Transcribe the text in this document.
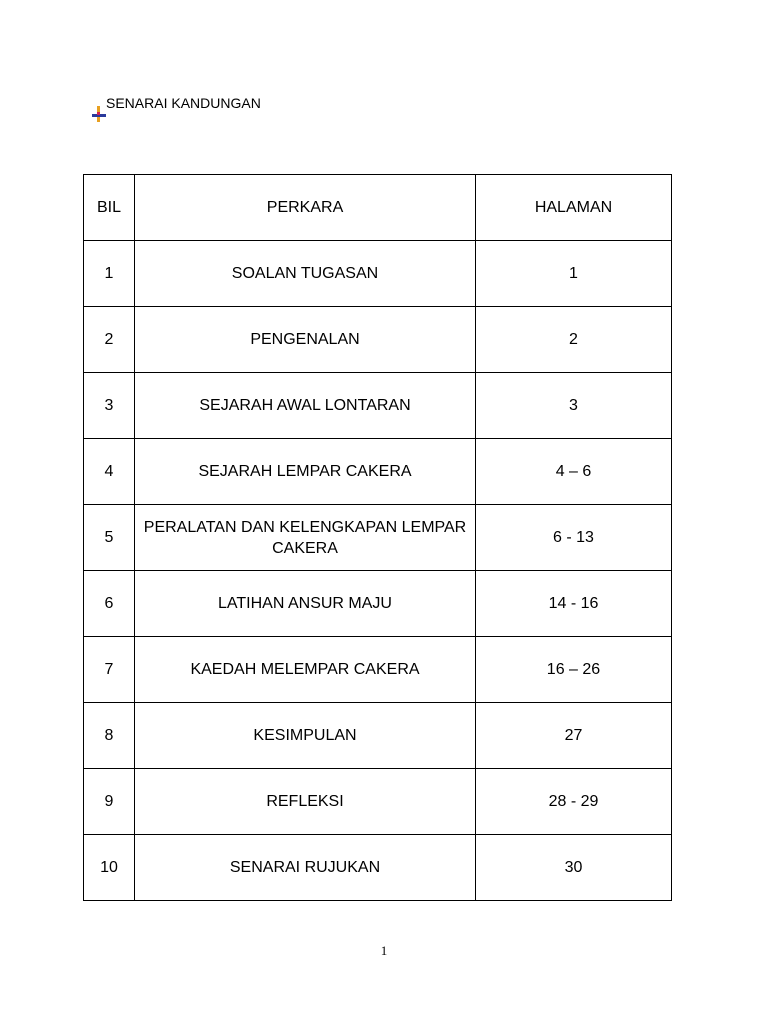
SENARAI KANDUNGAN
BIL	PERKARA	HALAMAN
1	SOALAN TUGASAN	1
2	PENGENALAN	2
3	SEJARAH AWAL LONTARAN	3
4	SEJARAH LEMPAR CAKERA	4 – 6
5	PERALATAN DAN KELENGKAPAN LEMPAR CAKERA	6 - 13
6	LATIHAN ANSUR MAJU	14 - 16
7	KAEDAH MELEMPAR CAKERA	16 – 26
8	KESIMPULAN	27
9	REFLEKSI	28 - 29
10	SENARAI RUJUKAN	30
1
